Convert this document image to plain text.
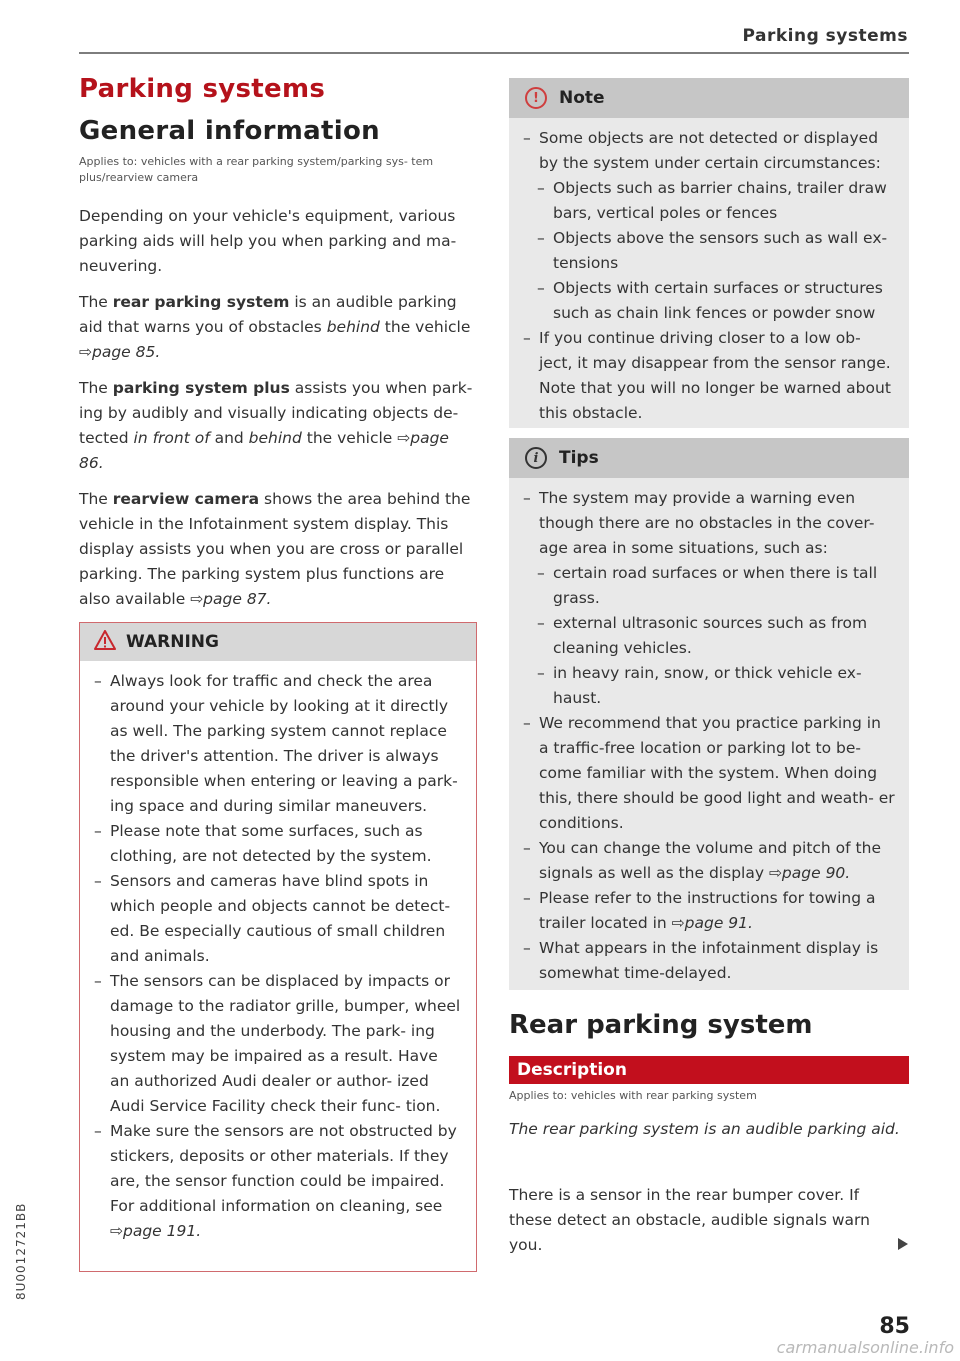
Parking systems
Parking systems
General information
Applies to: vehicles with a rear parking system/parking sys- tem plus/rearview camera
Depending on your vehicle's equipment, various parking aids will help you when parking and ma- neuvering.
The rear parking system is an audible parking aid that warns you of obstacles behind the vehicle ⇨page 85.
The parking system plus assists you when park- ing by audibly and visually indicating objects de- tected in front of and behind the vehicle ⇨page 86.
The rearview camera shows the area behind the vehicle in the Infotainment system display. This display assists you when you are cross or parallel parking. The parking system plus functions are also available ⇨page 87.
WARNING
– Always look for traffic and check the area around your vehicle by looking at it directly as well. The parking system cannot replace the driver's attention. The driver is always responsible when entering or leaving a park- ing space and during similar maneuvers.
– Please note that some surfaces, such as clothing, are not detected by the system.
– Sensors and cameras have blind spots in which people and objects cannot be detect- ed. Be especially cautious of small children and animals.
– The sensors can be displaced by impacts or damage to the radiator grille, bumper, wheel housing and the underbody. The park- ing system may be impaired as a result. Have an authorized Audi dealer or author- ized Audi Service Facility check their func- tion.
– Make sure the sensors are not obstructed by stickers, deposits or other materials. If they are, the sensor function could be impaired. For additional information on cleaning, see ⇨page 191.
!	Note
– Some objects are not detected or displayed by the system under certain circumstances:
– Objects such as barrier chains, trailer draw bars, vertical poles or fences
– Objects above the sensors such as wall ex- tensions
– Objects with certain surfaces or structures such as chain link fences or powder snow
– If you continue driving closer to a low ob- ject, it may disappear from the sensor range. Note that you will no longer be warned about this obstacle.
i	Tips
– The system may provide a warning even though there are no obstacles in the cover- age area in some situations, such as:
– certain road surfaces or when there is tall grass.
– external ultrasonic sources such as from cleaning vehicles.
– in heavy rain, snow, or thick vehicle ex- haust.
– We recommend that you practice parking in a traffic-free location or parking lot to be- come familiar with the system. When doing this, there should be good light and weath- er conditions.
– You can change the volume and pitch of the signals as well as the display ⇨page 90.
– Please refer to the instructions for towing a trailer located in ⇨page 91.
– What appears in the infotainment display is somewhat time-delayed.
Rear parking system
Description
Applies to: vehicles with rear parking system
The rear parking system is an audible parking aid.
There is a sensor in the rear bumper cover. If these detect an obstacle, audible signals warn you.
85
8U0012721BB
carmanualsonline.info
